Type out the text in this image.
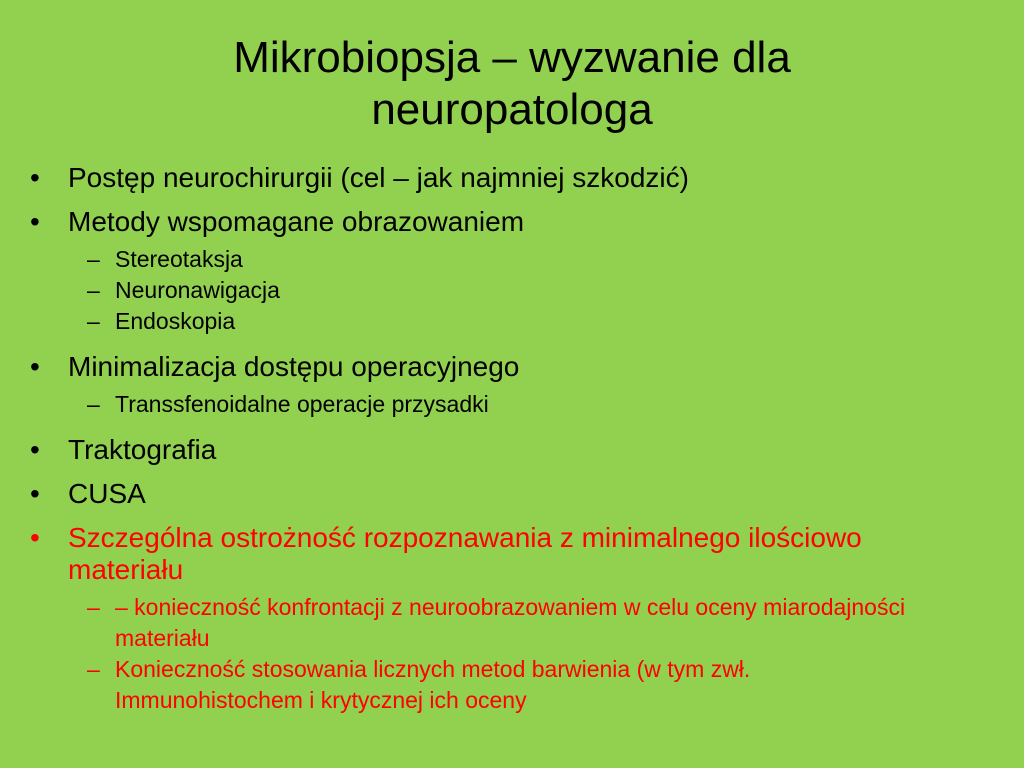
Mikrobiopsja – wyzwanie dla
neuropatologa
• Postęp neurochirurgii (cel – jak najmniej szkodzić)
• Metody wspomagane obrazowaniem
– Stereotaksja
– Neuronawigacja
– Endoskopia
• Minimalizacja dostępu operacyjnego
– Transsfenoidalne operacje przysadki
• Traktografia
• CUSA
• Szczególna ostrożność rozpoznawania z minimalnego ilościowo materiału
– – konieczność konfrontacji z neuroobrazowaniem w celu oceny miarodajności materiału
– Konieczność stosowania licznych metod barwienia (w tym zwł. Immunohistochem i krytycznej ich oceny
